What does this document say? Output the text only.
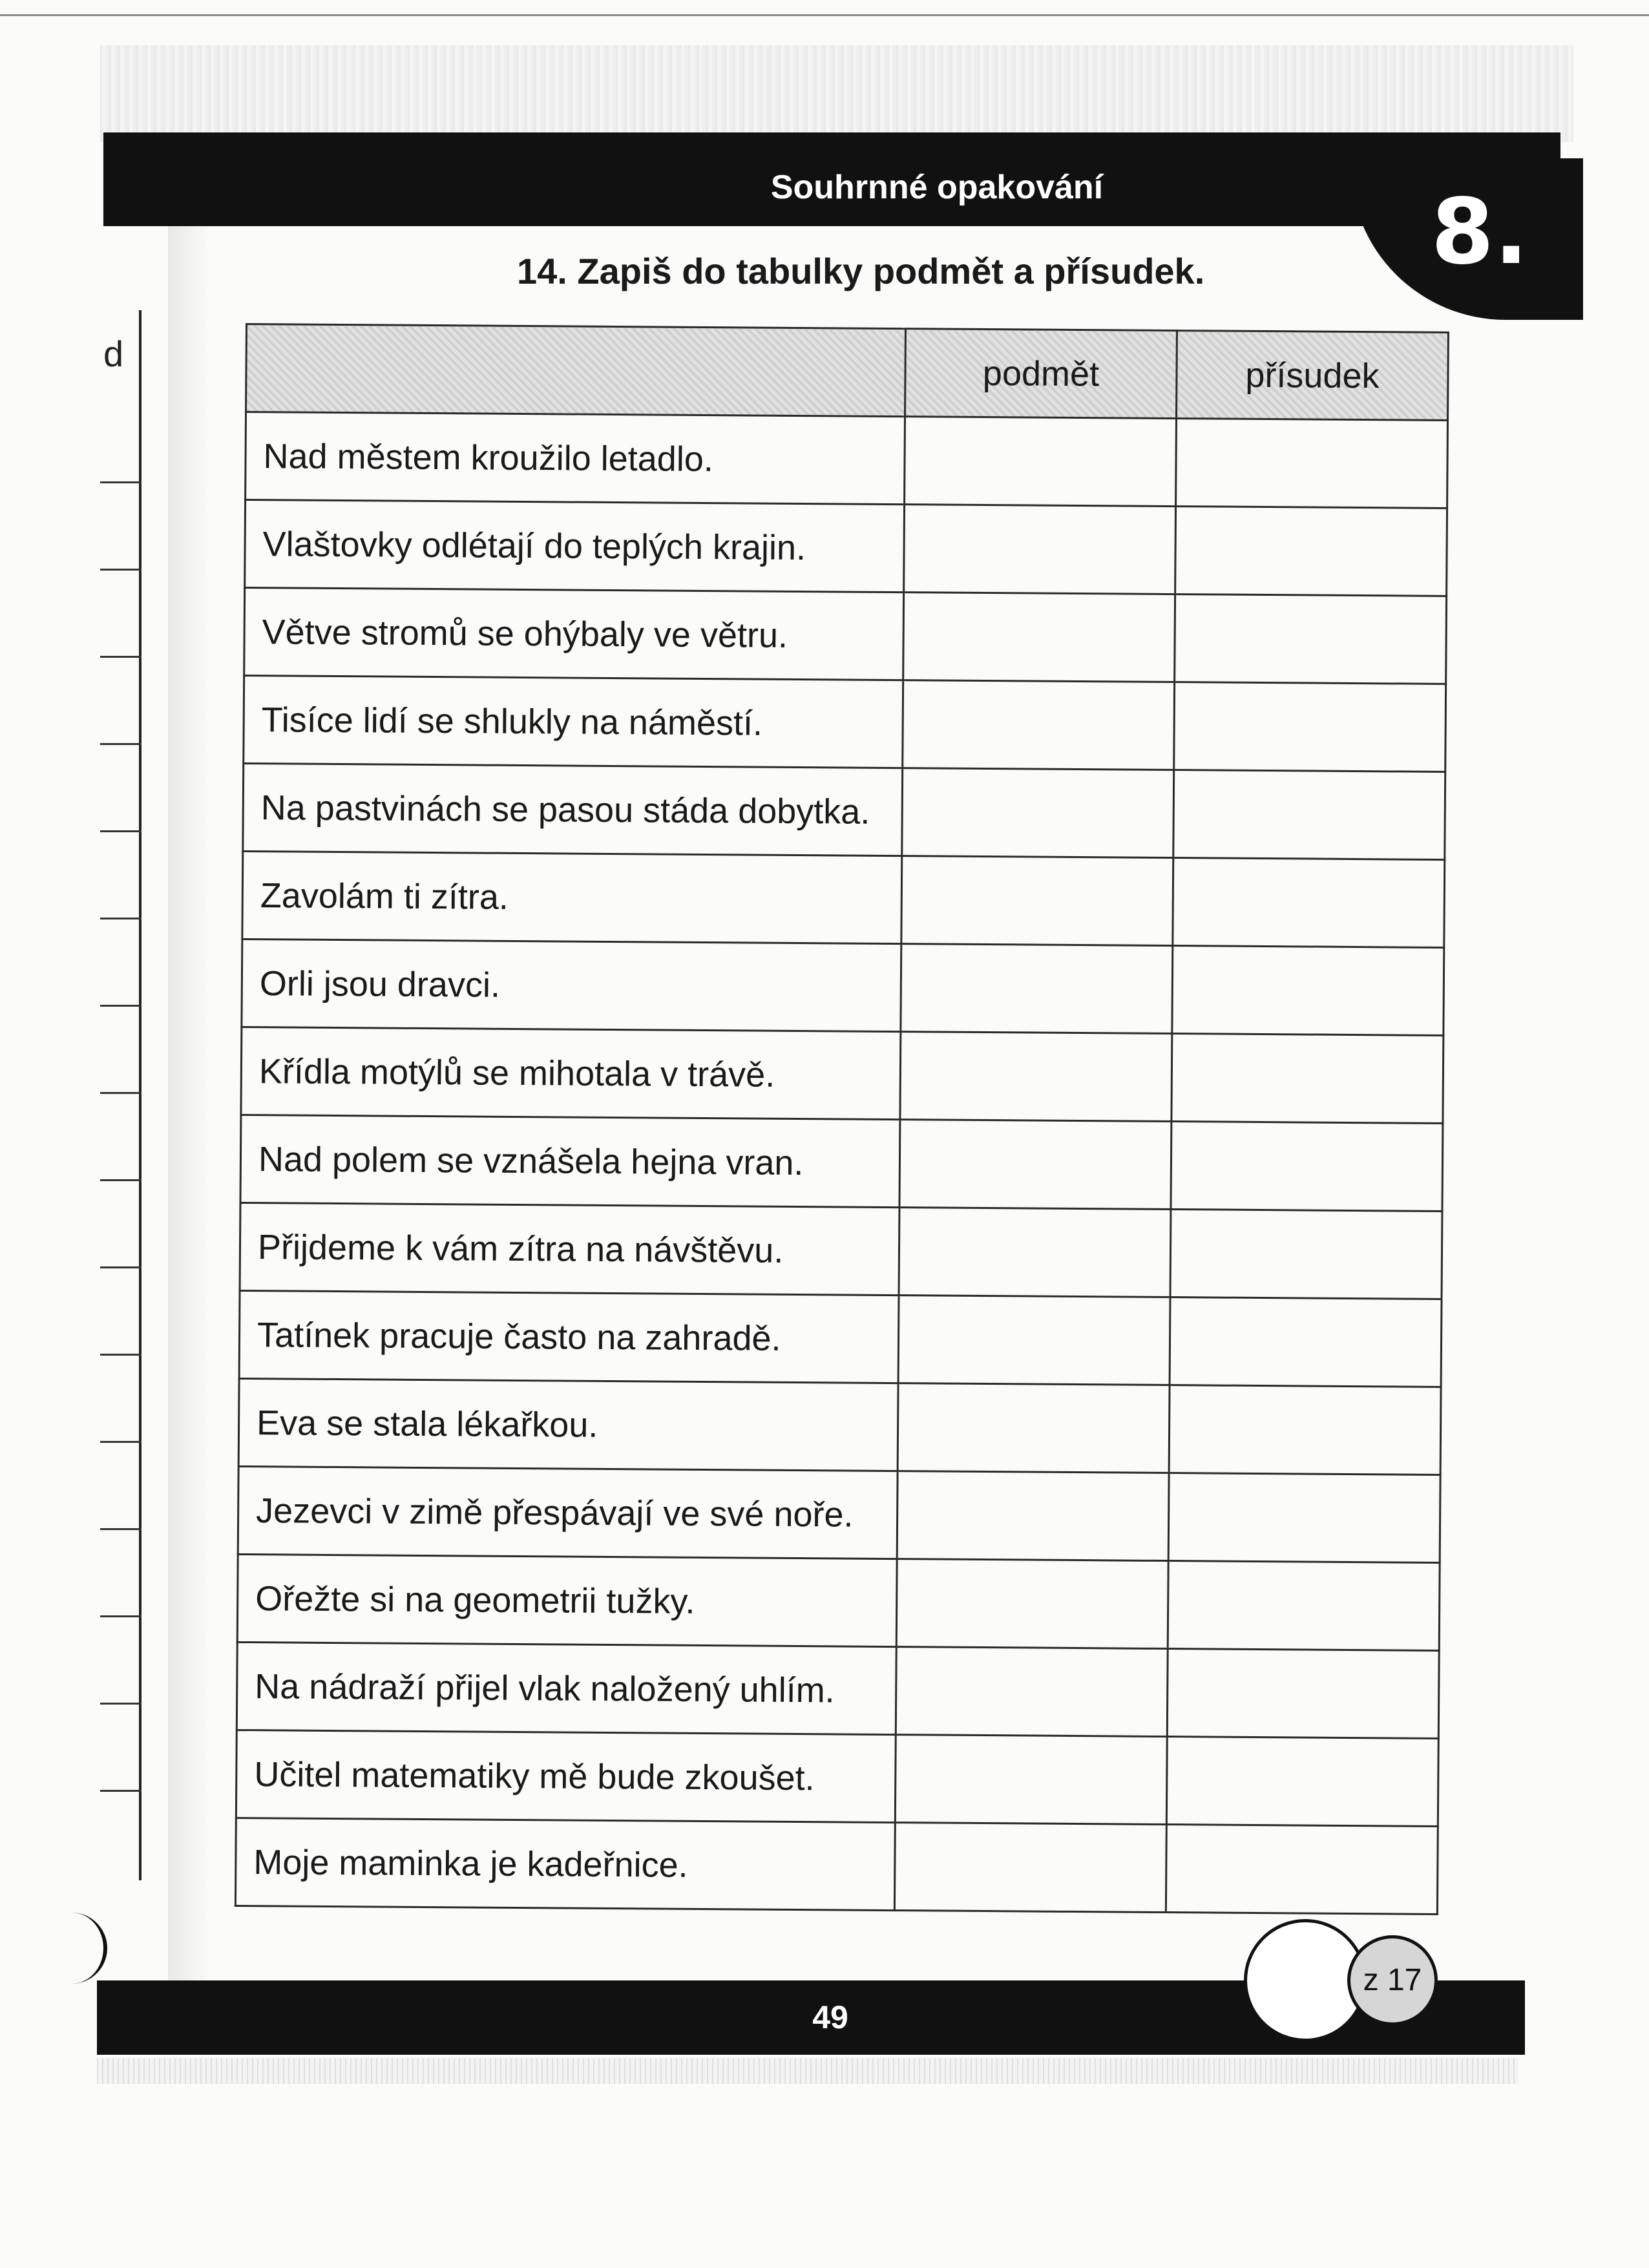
Souhrnné opakování	8.
d
14. Zapiš do tabulky podmět a přísudek.
	podmět	přísudek
Nad městem kroužilo letadlo.		
Vlaštovky odlétají do teplých krajin.		
Větve stromů se ohýbaly ve větru.		
Tisíce lidí se shlukly na náměstí.		
Na pastvinách se pasou stáda dobytka.		
Zavolám ti zítra.		
Orli jsou dravci.		
Křídla motýlů se mihotala v trávě.		
Nad polem se vznášela hejna vran.		
Přijdeme k vám zítra na návštěvu.		
Tatínek pracuje často na zahradě.		
Eva se stala lékařkou.		
Jezevci v zimě přespávají ve své noře.		
Ořežte si na geometrii tužky.		
Na nádraží přijel vlak naložený uhlím.		
Učitel matematiky mě bude zkoušet.		
Moje maminka je kadeřnice.		
49
z 17
